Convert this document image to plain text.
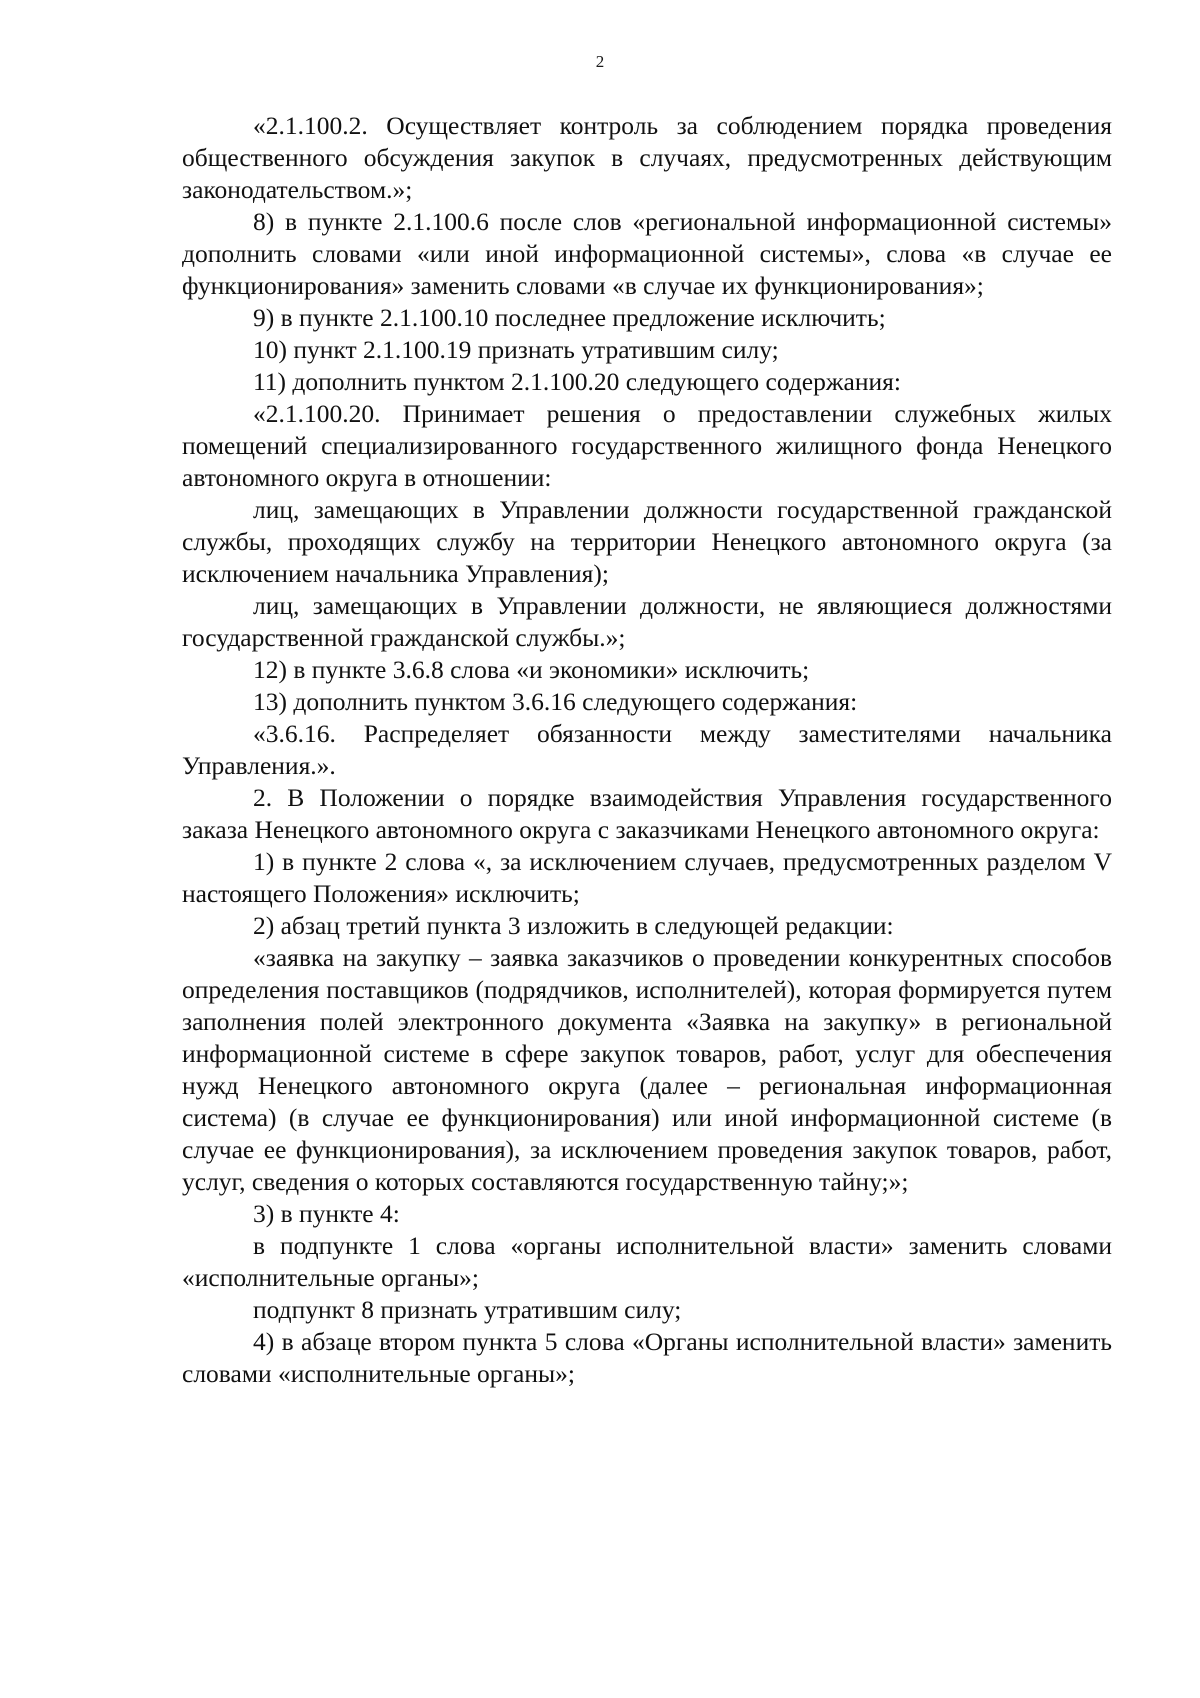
2

«2.1.100.2. Осуществляет контроль за соблюдением порядка проведения общественного обсуждения закупок в случаях, предусмотренных действующим законодательством.»;

8) в пункте 2.1.100.6 после слов «региональной информационной системы» дополнить словами «или иной информационной системы», слова «в случае ее функционирования» заменить словами «в случае их функционирования»;

9) в пункте 2.1.100.10 последнее предложение исключить;

10) пункт 2.1.100.19 признать утратившим силу;

11) дополнить пунктом 2.1.100.20 следующего содержания:

«2.1.100.20. Принимает решения о предоставлении служебных жилых помещений специализированного государственного жилищного фонда Ненецкого автономного округа в отношении:

лиц, замещающих в Управлении должности государственной гражданской службы, проходящих службу на территории Ненецкого автономного округа (за исключением начальника Управления);

лиц, замещающих в Управлении должности, не являющиеся должностями государственной гражданской службы.»;

12) в пункте 3.6.8 слова «и экономики» исключить;

13) дополнить пунктом 3.6.16 следующего содержания:

«3.6.16. Распределяет обязанности между заместителями начальника Управления.».

2. В Положении о порядке взаимодействия Управления государственного заказа Ненецкого автономного округа с заказчиками Ненецкого автономного округа:

1) в пункте 2 слова «, за исключением случаев, предусмотренных разделом V настоящего Положения» исключить;

2) абзац третий пункта 3 изложить в следующей редакции:

«заявка на закупку – заявка заказчиков о проведении конкурентных способов определения поставщиков (подрядчиков, исполнителей), которая формируется путем заполнения полей электронного документа «Заявка на закупку» в региональной информационной системе в сфере закупок товаров, работ, услуг для обеспечения нужд Ненецкого автономного округа (далее – региональная информационная система) (в случае ее функционирования) или иной информационной системе (в случае ее функционирования), за исключением проведения закупок товаров, работ, услуг, сведения о которых составляются государственную тайну;»;

3) в пункте 4:

в подпункте 1 слова «органы исполнительной власти» заменить словами «исполнительные органы»;

подпункт 8 признать утратившим силу;

4) в абзаце втором пункта 5 слова «Органы исполнительной власти» заменить словами «исполнительные органы»;
